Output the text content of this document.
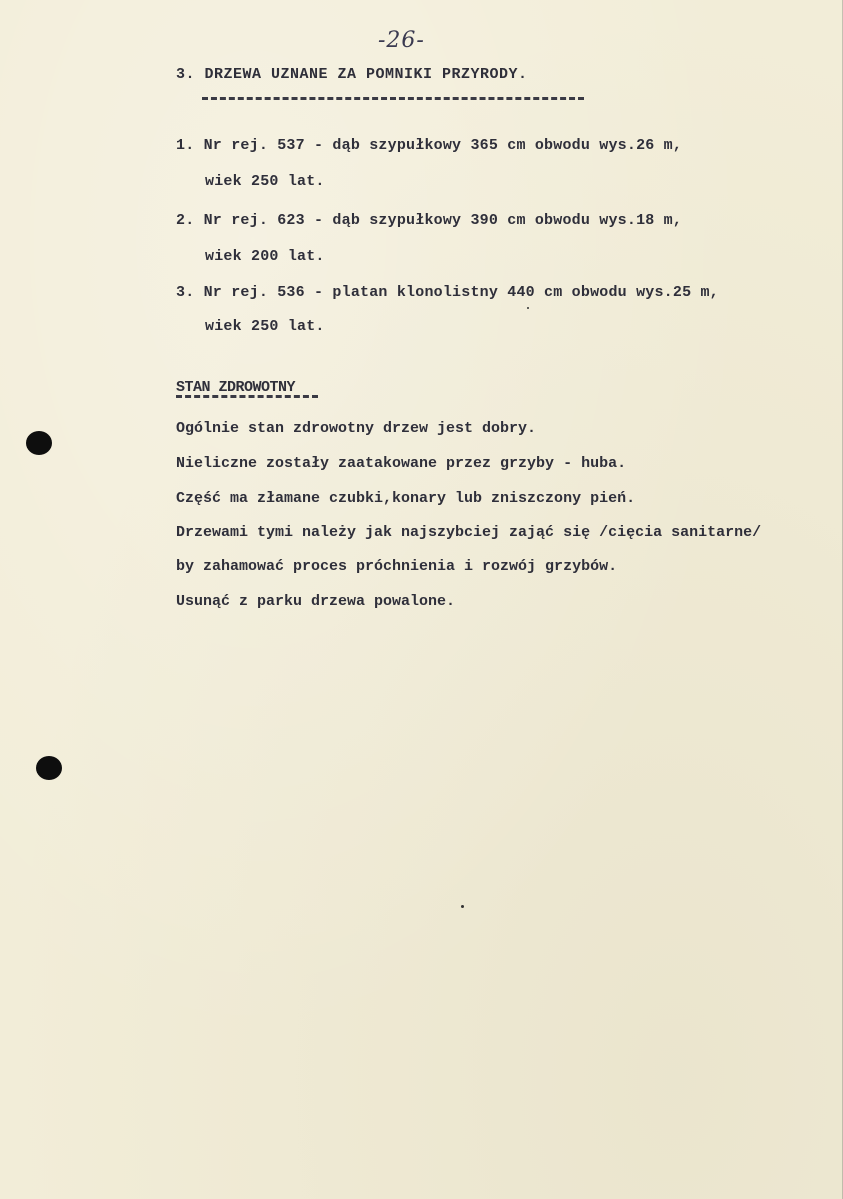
-26-
3. DRZEWA UZNANE ZA POMNIKI PRZYRODY.
1. Nr rej. 537 - dąb szypułkowy 365 cm obwodu wys.26 m,
wiek 250 lat.
2. Nr rej. 623 - dąb szypułkowy 390 cm obwodu wys.18 m,
wiek 200 lat.
3. Nr rej. 536 - platan klonolistny 440 cm obwodu wys.25 m,
wiek 250 lat.
STAN ZDROWOTNY
Ogólnie stan zdrowotny drzew jest dobry.
Nieliczne zostały zaatakowane przez grzyby - huba.
Część ma złamane czubki,konary lub zniszczony pień.
Drzewami tymi należy jak najszybciej zająć się /cięcia sanitarne/
by zahamować proces próchnienia i rozwój grzybów.
Usunąć z parku drzewa powalone.
